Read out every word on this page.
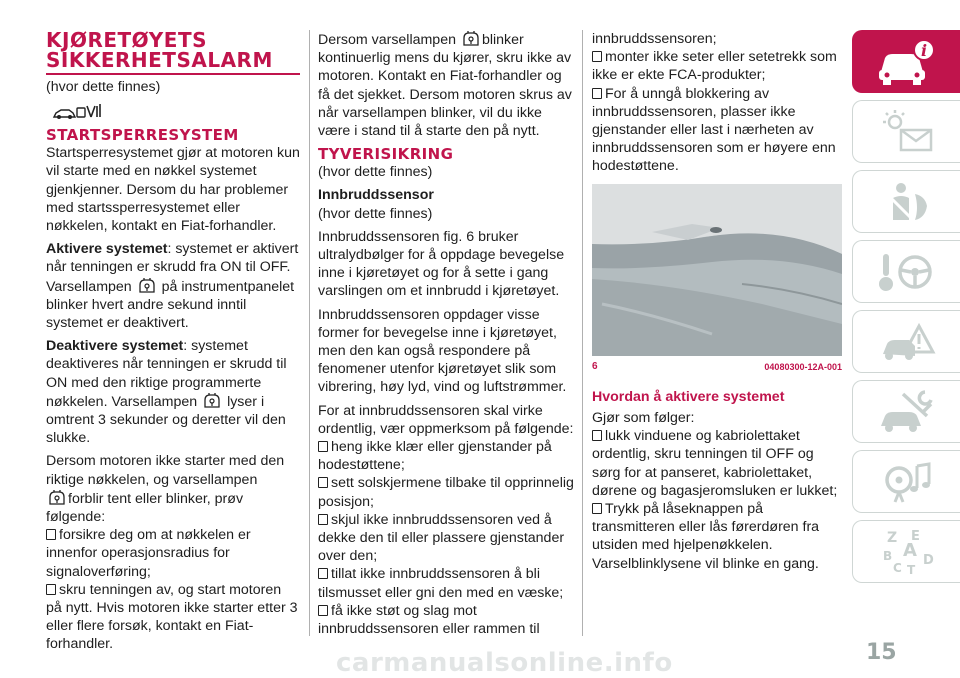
KJØRETØYETS
SIKKERHETSALARM

(hvor dette finnes)

STARTSPERRESYSTEM

Startsperresystemet gjør at motoren kun vil starte med en nøkkel systemet gjenkjenner. Dersom du har problemer med startssperresystemet eller nøkkelen, kontakt en Fiat-forhandler.

Aktivere systemet: systemet er aktivert når tenningen er skrudd fra ON til OFF. Varsellampen på instrumentpanelet blinker hvert andre sekund inntil systemet er deaktivert.

Deaktivere systemet: systemet deaktiveres når tenningen er skrudd til ON med den riktige programmerte nøkkelen. Varsellampen lyser i omtrent 3 sekunder og deretter vil den slukke.

Dersom motoren ikke starter med den riktige nøkkelen, og varsellampen

forblir tent eller blinker, prøv følgende:
forsikre deg om at nøkkelen er innenfor operasjonsradius for signaloverføring;
skru tenningen av, og start motoren på nytt. Hvis motoren ikke starter etter 3 eller flere forsøk, kontakt en Fiat-forhandler.

Dersom varsellampen blinker kontinuerlig mens du kjører, skru ikke av motoren. Kontakt en Fiat-forhandler og få det sjekket. Dersom motoren skrus av når varsellampen blinker, vil du ikke være i stand til å starte den på nytt.

TYVERISIKRING

(hvor dette finnes)

Innbruddssensor

(hvor dette finnes)

Innbruddssensoren fig. 6 bruker ultralydbølger for å oppdage bevegelse inne i kjøretøyet og for å sette i gang varslingen om et innbrudd i kjøretøyet.

Innbruddssensoren oppdager visse former for bevegelse inne i kjøretøyet, men den kan også respondere på fenomener utenfor kjøretøyet slik som vibrering, høy lyd, vind og luftstrømmer.

For at innbruddssensoren skal virke ordentlig, vær oppmerksom på følgende:
heng ikke klær eller gjenstander på hodestøttene;
sett solskjermene tilbake til opprinnelig posisjon;
skjul ikke innbruddssensoren ved å dekke den til eller plassere gjenstander over den;
tillat ikke innbruddssensoren å bli tilsmusset eller gni den med en væske;
få ikke støt og slag mot innbruddssensoren eller rammen til

innbruddssensoren;
monter ikke seter eller setetrekk som ikke er ekte FCA-produkter;
For å unngå blokkering av innbruddssensoren, plasser ikke gjenstander eller last i nærheten av innbruddssensoren som er høyere enn hodestøttene.

6	04080300-12A-001
Hvordan å aktivere systemet

Gjør som følger:
lukk vinduene og kabriolettaket ordentlig, skru tenningen til OFF og sørg for at panseret, kabriolettaket, dørene og bagasjeromsluken er lukket;
Trykk på låseknappen på transmitteren eller lås førerdøren fra utsiden med hjelpenøkkelen.
Varselblinklysene vil blinke en gang.

i
Z E
A
B D
C T
15
carmanualsonline.info
